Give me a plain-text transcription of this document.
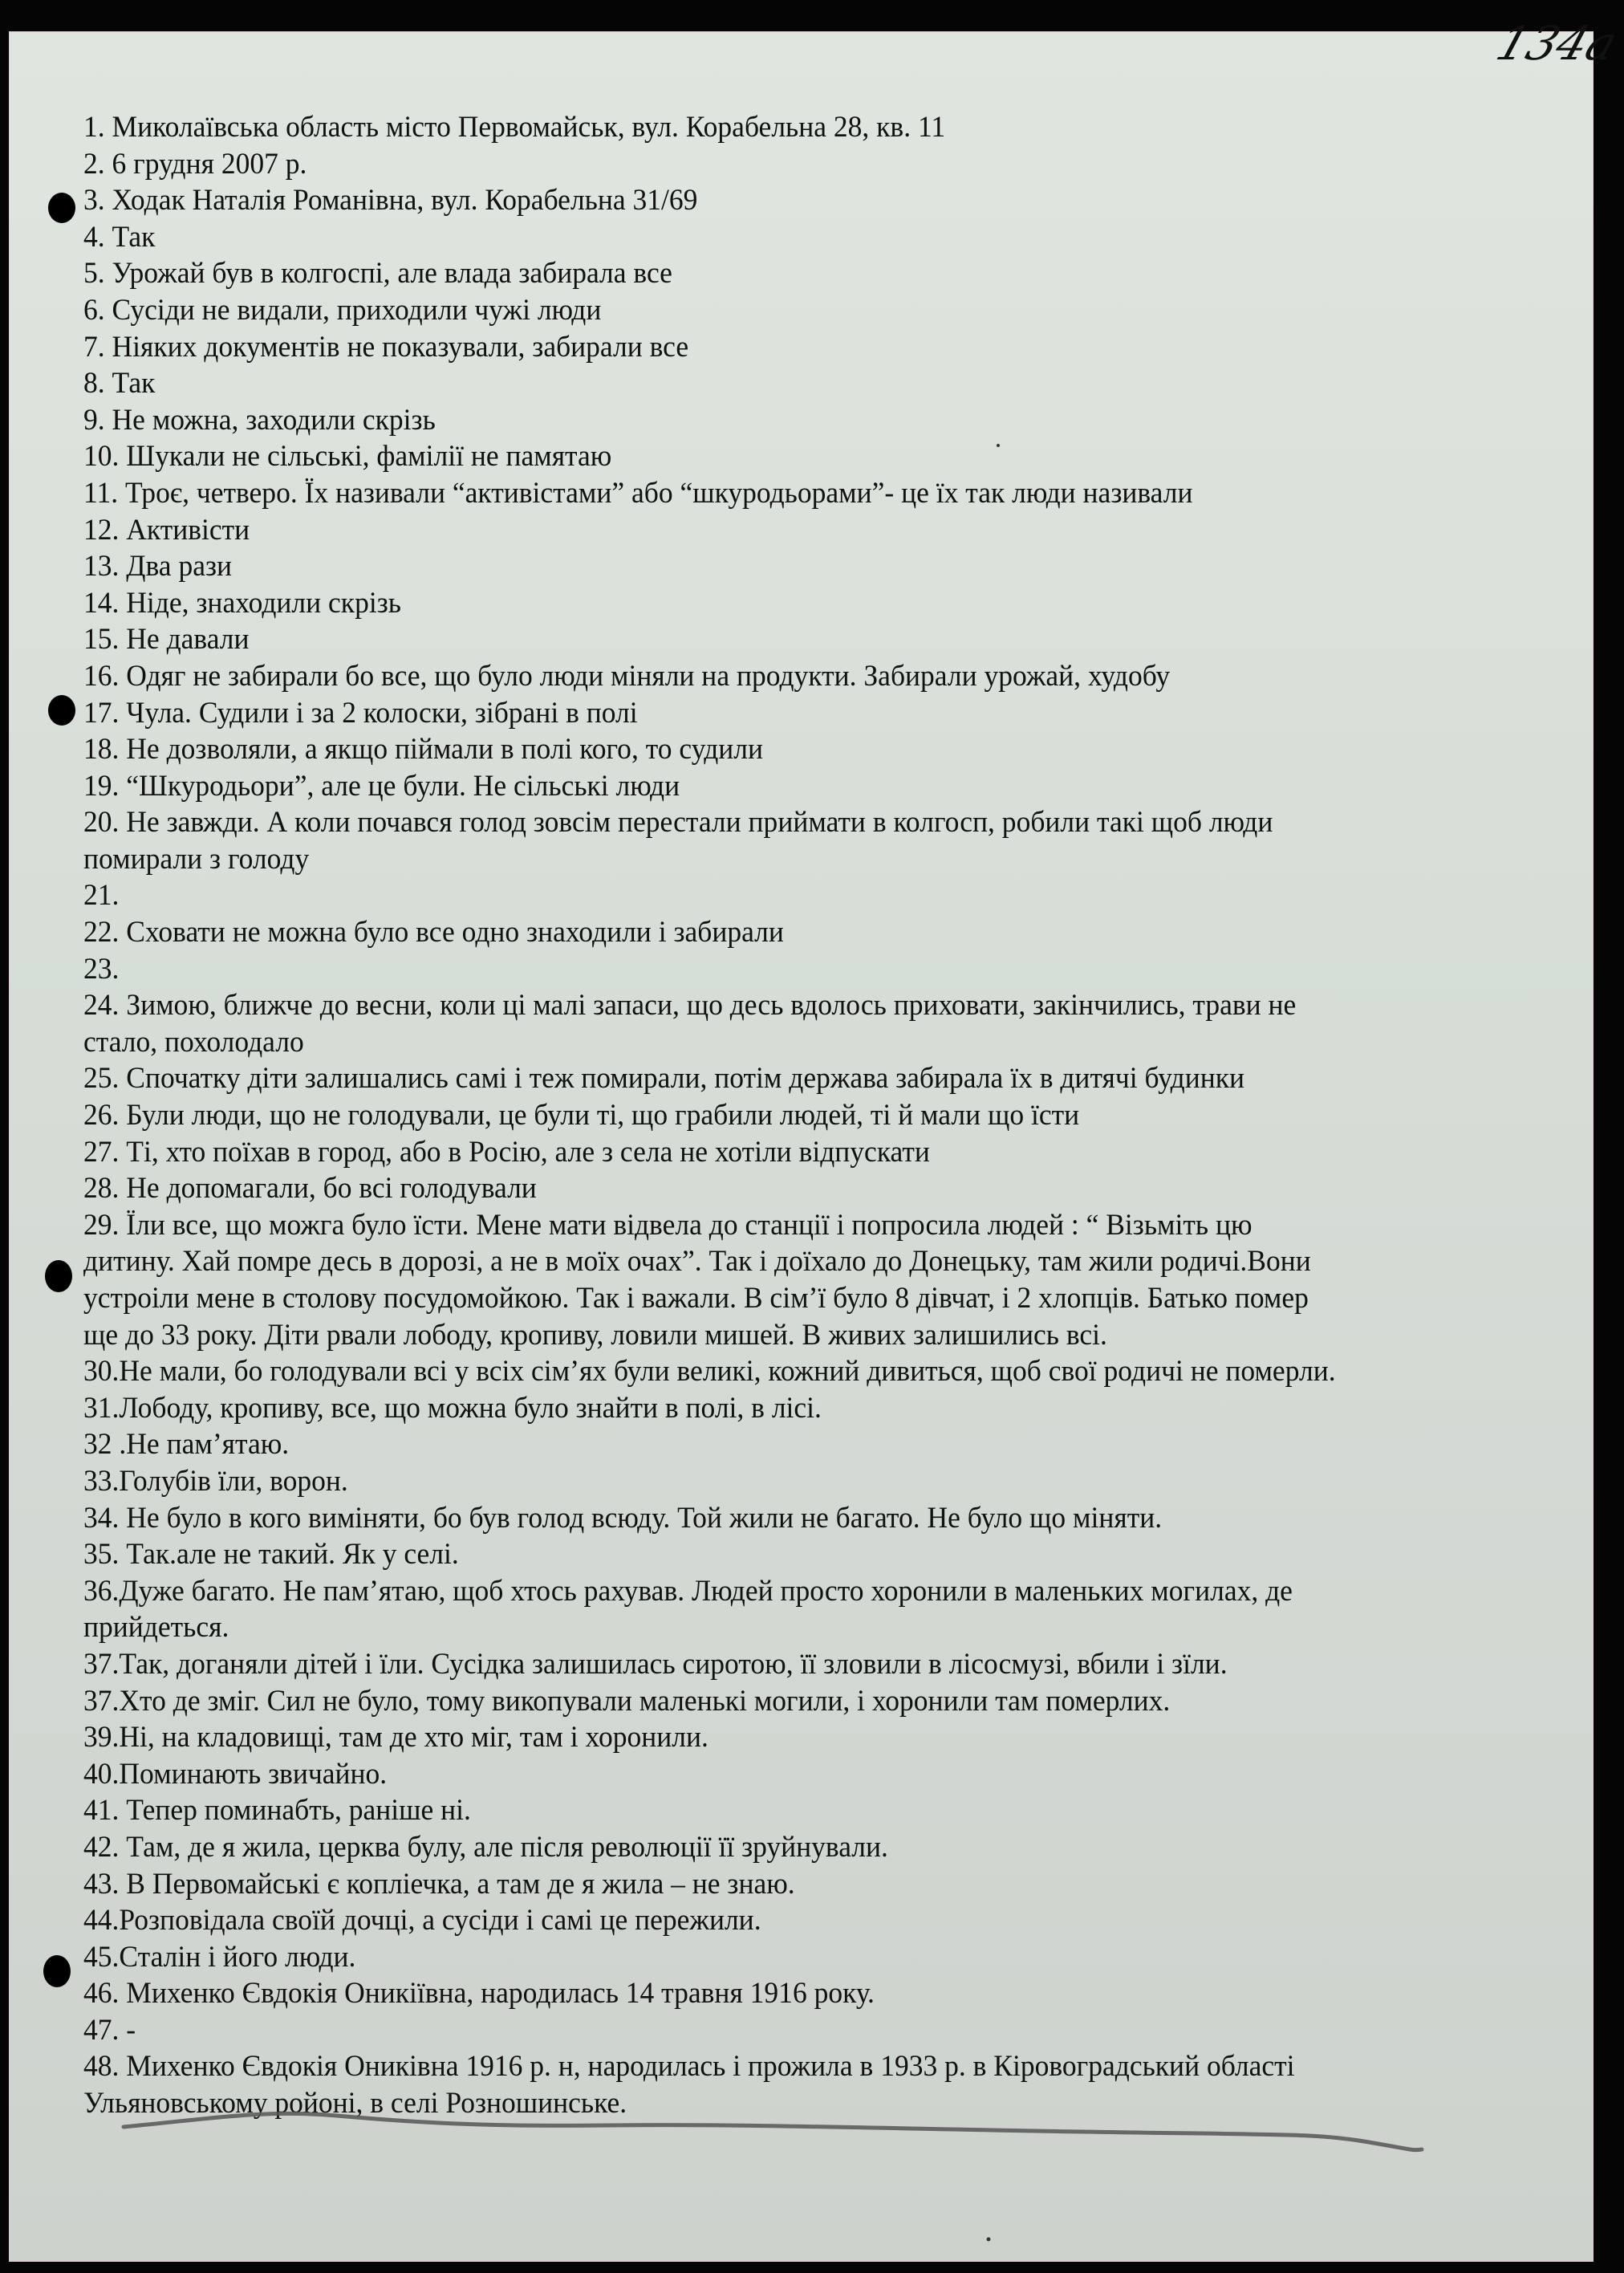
134а
1. Миколаївська область місто Первомайськ, вул. Корабельна 28, кв. 11
2. 6 грудня 2007 р.
3. Ходак Наталія Романівна, вул. Корабельна 31/69
4. Так
5. Урожай був в колгоспі, але влада забирала все
6. Сусіди не видали, приходили чужі люди
7. Ніяких документів не показували, забирали все
8. Так
9. Не можна, заходили скрізь
10. Шукали не сільські, фамілії не памятаю
11. Троє, четверо. Їх називали “активістами” або “шкуродьорами”- це їх так люди називали
12. Активісти
13. Два рази
14. Ніде, знаходили скрізь
15. Не давали
16. Одяг не забирали бо все, що було люди міняли на продукти. Забирали урожай, худобу
17. Чула. Судили і за 2 колоски, зібрані в полі
18. Не дозволяли, а якщо піймали в полі кого, то судили
19. “Шкуродьори”, але це були. Не сільські люди
20. Не завжди. А коли почався голод зовсім перестали приймати в колгосп, робили такі щоб люди
помирали з голоду
21.
22. Сховати не можна було все одно знаходили і забирали
23.
24. Зимою, ближче до весни, коли ці малі запаси, що десь вдолось приховати, закінчились, трави не
стало, похолодало
25. Спочатку діти залишались самі і теж помирали, потім держава забирала їх в дитячі будинки
26. Були люди, що не голодували, це були ті, що грабили людей, ті й мали що їсти
27. Ті, хто поїхав в город, або в Росію, але з села не хотіли відпускати
28. Не допомагали, бо всі голодували
29. Їли все, що можга було їсти. Мене мати відвела до станції і попросила людей : “ Візьміть цю
дитину. Хай помре десь в дорозі, а не в моїх очах”. Так і доїхало до Донецьку, там жили родичі.Вони
устроіли мене в столову посудомойкою. Так і важали. В сім’ї було 8 дівчат, і 2 хлопців. Батько помер
ще до 33 року. Діти рвали лободу, кропиву, ловили мишей. В живих залишились всі.
30.Не мали, бо голодували всі у всіх сім’ях були великі, кожний дивиться, щоб свої родичі не померли.
31.Лободу, кропиву, все, що можна було знайти в полі, в лісі.
32 .Не пам’ятаю.
33.Голубів їли, ворон.
34. Не було в кого виміняти, бо був голод всюду. Той жили не багато. Не було що міняти.
35. Так.але не такий. Як у селі.
36.Дуже багато. Не пам’ятаю, щоб хтось рахував. Людей просто хоронили в маленьких могилах, де
прийдеться.
37.Так, доганяли дітей і їли. Сусідка залишилась сиротою, її зловили в лісосмузі, вбили і зїли.
37.Хто де зміг. Сил не було, тому викопували маленькі могили, і хоронили там померлих.
39.Ні, на кладовищі, там де хто міг, там і хоронили.
40.Поминають звичайно.
41. Тепер поминабть, раніше ні.
42. Там, де я жила, церква булу, але після революції її зруйнували.
43. В Первомайські є копліечка, а там де я жила – не знаю.
44.Розповідала своїй дочці, а сусіди і самі це пережили.
45.Сталін і його люди.
46. Михенко Євдокія Оникіївна, народилась 14 травня 1916 року.
47. -
48. Михенко Євдокія Ониківна 1916 р. н, народилась і прожила в 1933 р. в Кіровоградський області
Ульяновському ройоні, в селі Розношинське.
